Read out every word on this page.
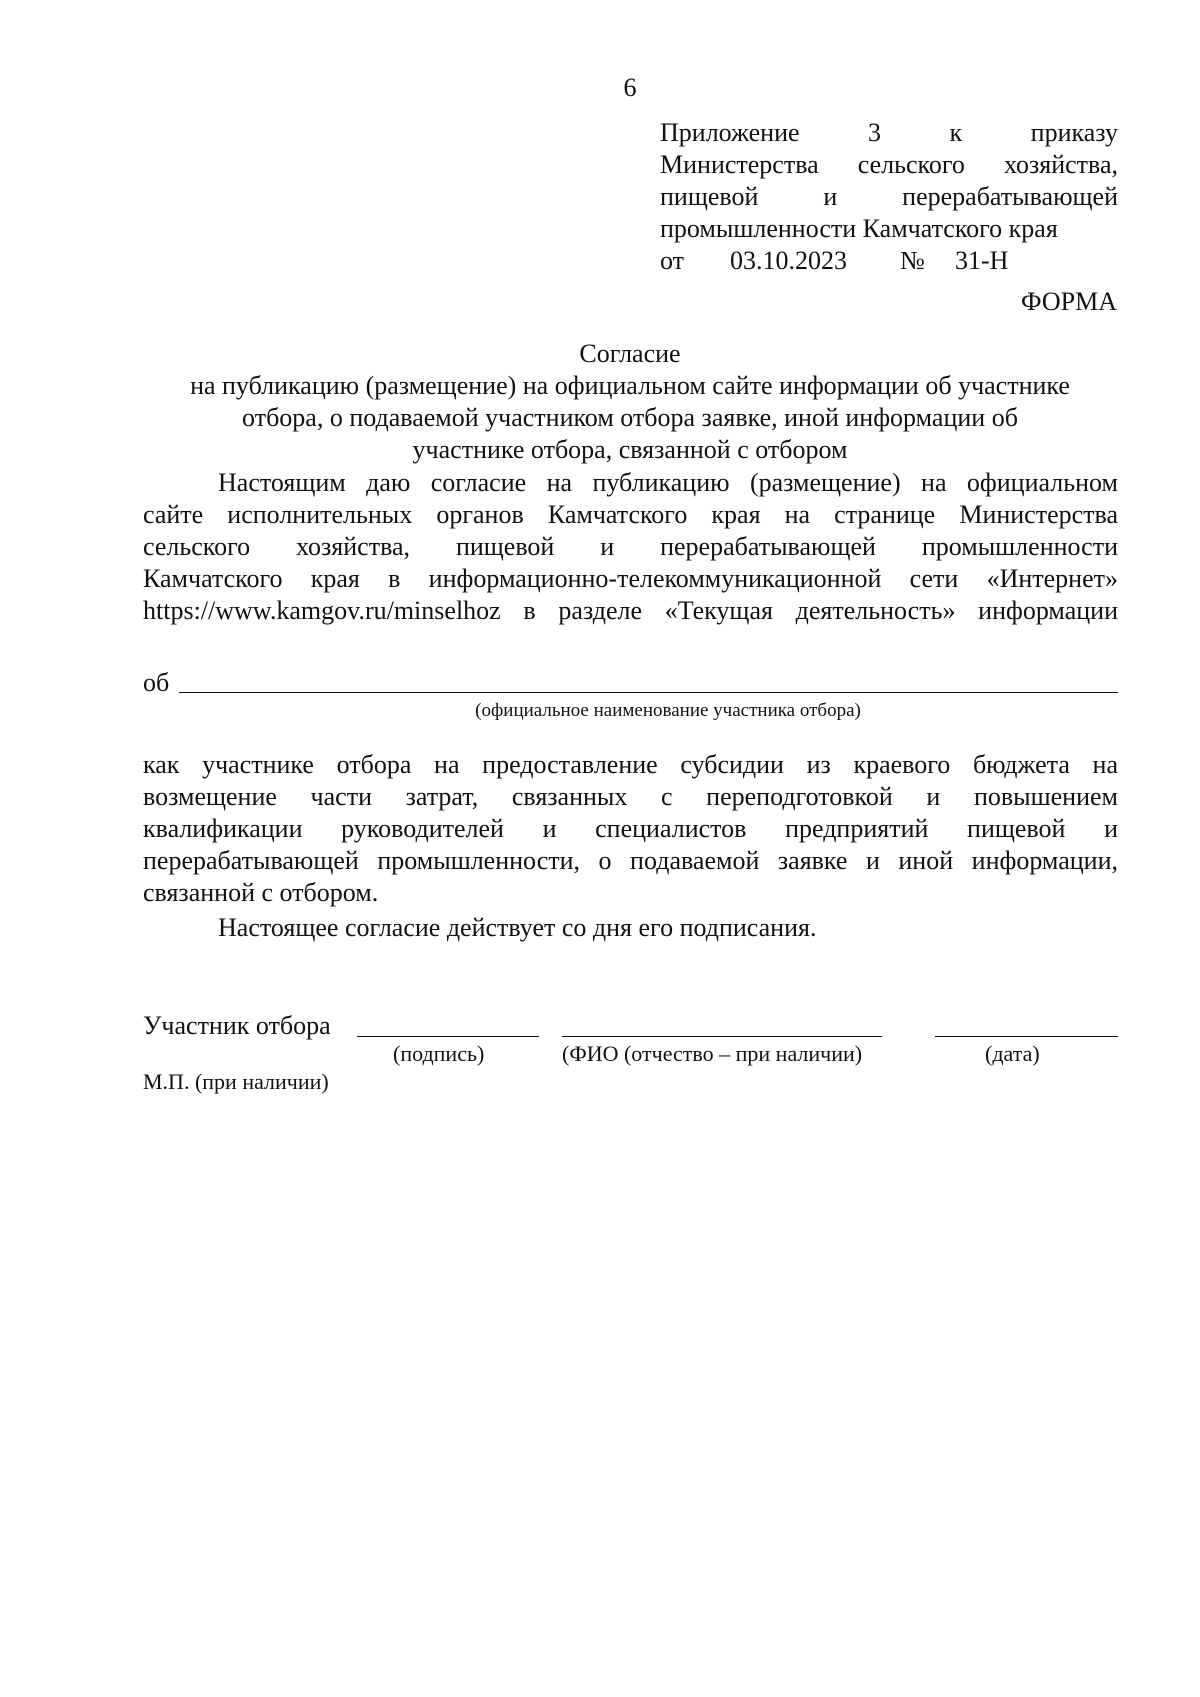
6
Приложение 3 к приказу
Министерства сельского хозяйства,
пищевой и перерабатывающей
промышленности Камчатского края
от	03.10.2023	№	31-Н
ФОРМА
Согласие
на публикацию (размещение) на официальном сайте информации об участнике
отбора, о подаваемой участником отбора заявке, иной информации об
участнике отбора, связанной с отбором
Настоящим даю согласие на публикацию (размещение) на официальном
сайте исполнительных органов Камчатского края на странице Министерства
сельского хозяйства, пищевой и перерабатывающей промышленности
Камчатского края в информационно-телекоммуникационной сети «Интернет»
https://www.kamgov.ru/minselhoz в разделе «Текущая деятельность» информации
об
(официальное наименование участника отбора)
как участнике отбора на предоставление субсидии из краевого бюджета на
возмещение части затрат, связанных с переподготовкой и повышением
квалификации руководителей и специалистов предприятий пищевой и
перерабатывающей промышленности, о подаваемой заявке и иной информации,
связанной с отбором.
Настоящее согласие действует со дня его подписания.
Участник отбора
(подпись)	(ФИО (отчество – при наличии)	(дата)
М.П. (при наличии)
